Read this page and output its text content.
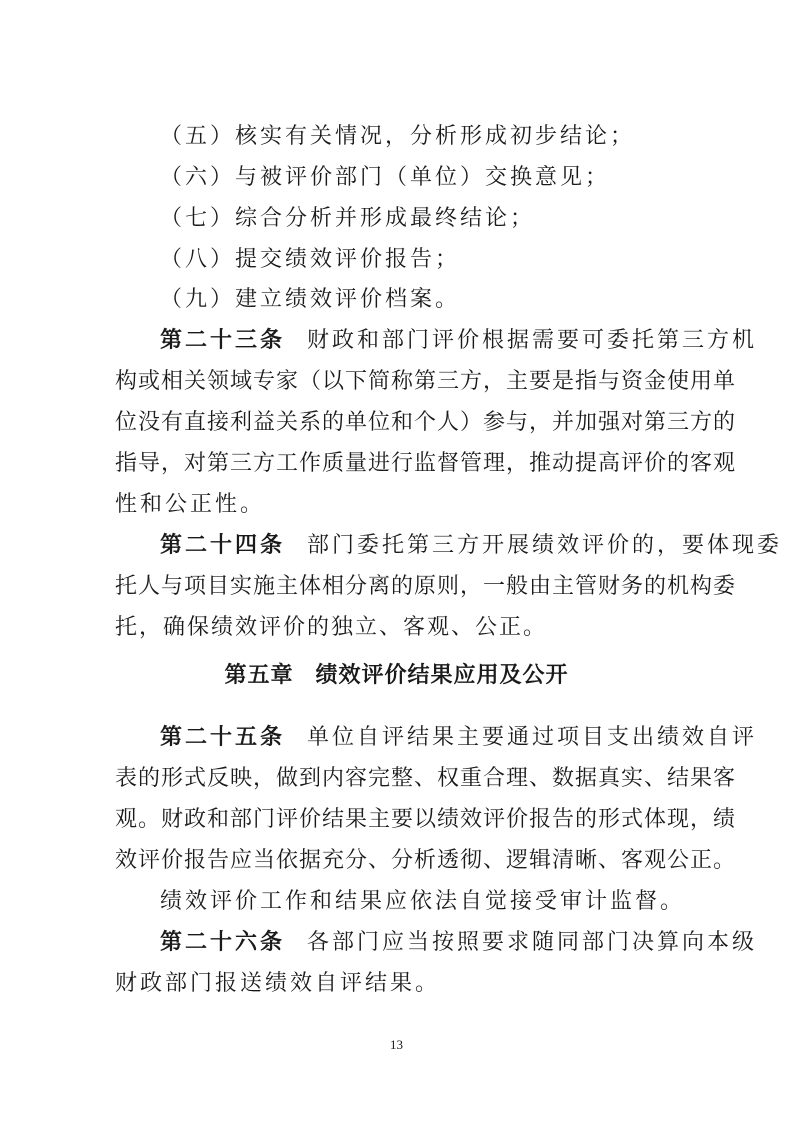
（五）核实有关情况，分析形成初步结论；
（六）与被评价部门（单位）交换意见；
（七）综合分析并形成最终结论；
（八）提交绩效评价报告；
（九）建立绩效评价档案。
第二十三条 财政和部门评价根据需要可委托第三方机
构或相关领域专家（以下简称第三方，主要是指与资金使用单
位没有直接利益关系的单位和个人）参与，并加强对第三方的
指导，对第三方工作质量进行监督管理，推动提高评价的客观
性和公正性。
第二十四条 部门委托第三方开展绩效评价的，要体现委
托人与项目实施主体相分离的原则，一般由主管财务的机构委
托，确保绩效评价的独立、客观、公正。
第五章 绩效评价结果应用及公开
第二十五条 单位自评结果主要通过项目支出绩效自评
表的形式反映，做到内容完整、权重合理、数据真实、结果客
观。财政和部门评价结果主要以绩效评价报告的形式体现，绩
效评价报告应当依据充分、分析透彻、逻辑清晰、客观公正。
绩效评价工作和结果应依法自觉接受审计监督。
第二十六条 各部门应当按照要求随同部门决算向本级
财政部门报送绩效自评结果。
13
